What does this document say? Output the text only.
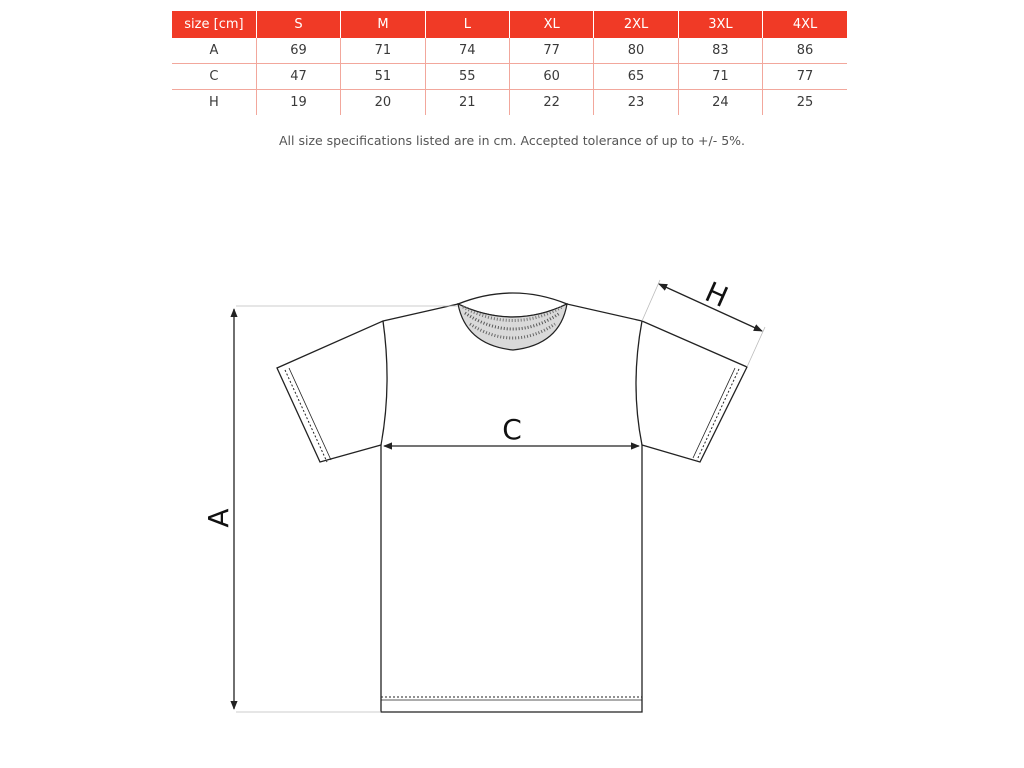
size [cm]	S	M	L	XL	2XL	3XL	4XL
A	69	71	74	77	80	83	86
C	47	51	55	60	65	71	77
H	19	20	21	22	23	24	25
All size specifications listed are in cm. Accepted tolerance of up to +/- 5%.
A
C
H
